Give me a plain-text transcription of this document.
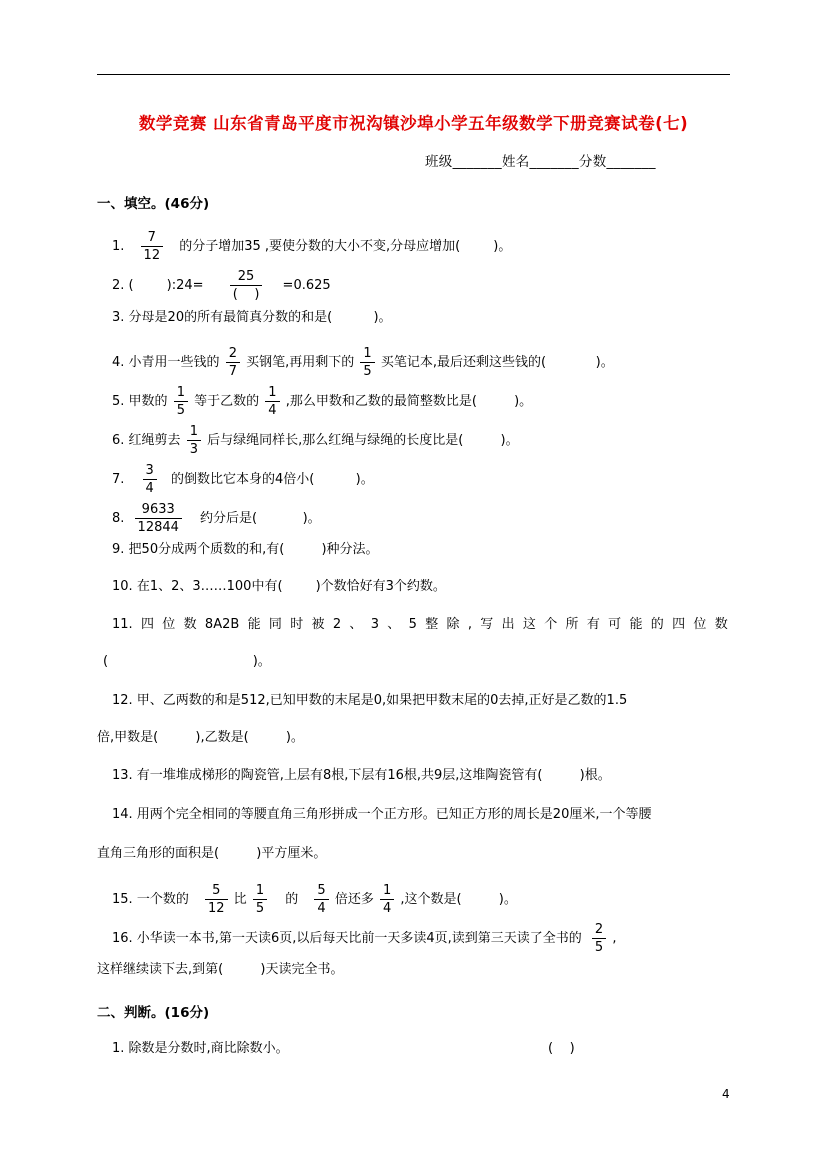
数学竞赛 山东省青岛平度市祝沟镇沙埠小学五年级数学下册竞赛试卷(七)
班级_______姓名_______分数_______
一、填空。(46分)
1. $\frac{7}{12}$ 的分子增加35 ,要使分数的大小不变,分母应增加(        )。
2. (        ):24= $\frac{25}{( )} =0.625$
3. 分母是20的所有最简真分数的和是(          )。
4. 小青用一些钱的 $\frac{2}{7}$ 买钢笔,再用剩下的 $\frac{1}{5}$ 买笔记本,最后还剩这些钱的(            )。
5. 甲数的 $\frac{1}{5}$ 等于乙数的 $\frac{1}{4}$ ,那么甲数和乙数的最简整数比是(         )。
6. 红绳剪去 $\frac{1}{3}$ 后与绿绳同样长,那么红绳与绿绳的长度比是(         )。
7. $\frac{3}{4}$ 的倒数比它本身的4倍小(          )。
8. $\frac{9633}{12844}$ 约分后是(           )。
9. 把50分成两个质数的和,有(         )种分法。
10. 在1、2、3……100中有(        )个数恰好有3个约数。
11. 四 位 数 8A2B 能 同 时 被 2 、 3 、 5 整 除 , 写 出 这 个 所 有 可 能 的 四 位 数
(                                   )。
12. 甲、乙两数的和是512,已知甲数的末尾是0,如果把甲数末尾的0去掉,正好是乙数的1.5
倍,甲数是(         ),乙数是(         )。
13. 有一堆堆成梯形的陶瓷管,上层有8根,下层有16根,共9层,这堆陶瓷管有(         )根。
14. 用两个完全相同的等腰直角三角形拼成一个正方形。已知正方形的周长是20厘米,一个等腰
直角三角形的面积是(         )平方厘米。
15. 一个数的 $\frac{5}{12}$ 比 $\frac{1}{5}$ 的 $\frac{5}{4}$ 倍还多 $\frac{1}{4}$ ,这个数是(         )。
16. 小华读一本书,第一天读6页,以后每天比前一天多读4页,读到第三天读了全书的 $\frac{2}{5}$ ,
这样继续读下去,到第(         )天读完全书。
二、判断。(16分)
1. 除数是分数时,商比除数小。	(    )
4
